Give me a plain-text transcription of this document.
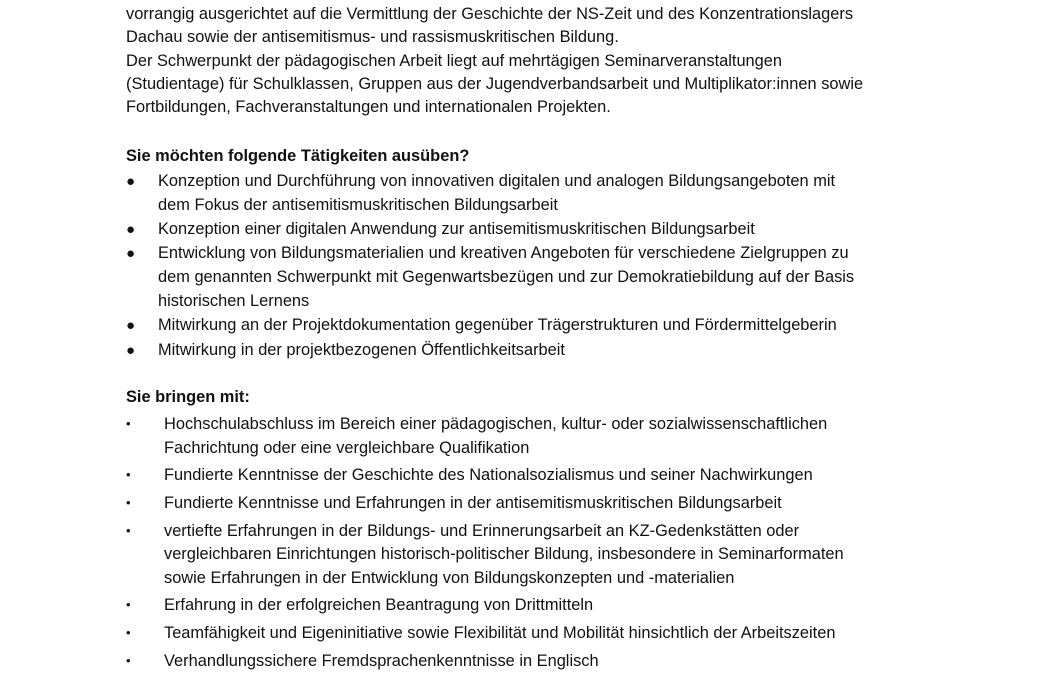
vorrangig ausgerichtet auf die Vermittlung der Geschichte der NS-Zeit und des Konzentrationslagers
Dachau sowie der antisemitismus- und rassismuskritischen Bildung.
Der Schwerpunkt der pädagogischen Arbeit liegt auf mehrtägigen Seminarveranstaltungen
(Studientage) für Schulklassen, Gruppen aus der Jugendverbandsarbeit und Multiplikator:innen sowie
Fortbildungen, Fachveranstaltungen und internationalen Projekten.

Sie möchten folgende Tätigkeiten ausüben?

● Konzeption und Durchführung von innovativen digitalen und analogen Bildungsangeboten mit
dem Fokus der antisemitismuskritischen Bildungsarbeit
● Konzeption einer digitalen Anwendung zur antisemitismuskritischen Bildungsarbeit
● Entwicklung von Bildungsmaterialien und kreativen Angeboten für verschiedene Zielgruppen zu
dem genannten Schwerpunkt mit Gegenwartsbezügen und zur Demokratiebildung auf der Basis
historischen Lernens
● Mitwirkung an der Projektdokumentation gegenüber Trägerstrukturen und Fördermittelgeberin
● Mitwirkung in der projektbezogenen Öffentlichkeitsarbeit

Sie bringen mit:

• Hochschulabschluss im Bereich einer pädagogischen, kultur- oder sozialwissenschaftlichen
Fachrichtung oder eine vergleichbare Qualifikation
• Fundierte Kenntnisse der Geschichte des Nationalsozialismus und seiner Nachwirkungen
• Fundierte Kenntnisse und Erfahrungen in der antisemitismuskritischen Bildungsarbeit
• vertiefte Erfahrungen in der Bildungs- und Erinnerungsarbeit an KZ-Gedenkstätten oder
vergleichbaren Einrichtungen historisch-politischer Bildung, insbesondere in Seminarformaten
sowie Erfahrungen in der Entwicklung von Bildungskonzepten und -materialien
• Erfahrung in der erfolgreichen Beantragung von Drittmitteln
• Teamfähigkeit und Eigeninitiative sowie Flexibilität und Mobilität hinsichtlich der Arbeitszeiten
• Verhandlungssichere Fremdsprachenkenntnisse in Englisch
